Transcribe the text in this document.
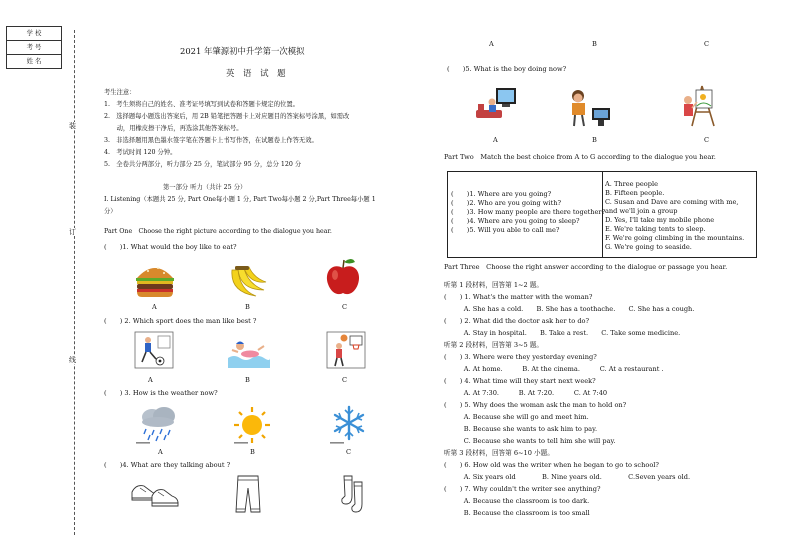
学 校
考 号
姓 名
装
订
线
2021 年肇源初中升学第一次模拟
英 语 试 题
考生注意：
1.　考生须将自己的姓名、准考证号填写到试卷和答题卡规定的位置。
2.　选择题每小题选出答案后，用 2B 铅笔把答题卡上对应题目的答案标号涂黑，如需改
　　动，用橡皮擦干净后，再选涂其他答案标号。
3.　非选择题用黑色墨水签字笔在答题卡上书写作答，在试题卷上作答无效。
4.　考试时间 120 分钟。
5.　全卷共分两部分，听力部分 25 分，笔试部分 95 分，总分 120 分
第一部分 听力（共计 25 分）
I. Listening（本题共 25 分, Part One每小题 1 分, Part Two每小题 2 分,Part Three每小题 1
分）
Part One　Choose the right picture according to the dialogue you hear.
(　　)1. What would the boy like to eat?
A	B	C
(　　) 2. Which sport does the man like best ?
A	B	C
(　　) 3. How is the weather now?
A	B	C
(　　)4. What are they talking about ?
A	B	C
(　　)5. What is the boy doing now?
A	B	C
Part Two　Match the best choice from A to G according to the dialogue you hear.
(　　)1. Where are you going?
(　　)2. Who are you going with?
(　　)3. How many people are there together?
(　　)4. Where are you going to sleep?
(　　)5. Will you able to call me?
A. Three people
B. Fifteen people.
C. Susan and Dave are coming with me,
and we'll join a group
D. Yes, I'll take my mobile phone
E. We're taking tents to sleep.
F. We're going climbing in the mountains.
G. We're going to seaside.
Part Three　Choose the right answer according to the dialogue or passage you hear.
听第 1 段材料，回答第 1~2 题。
(　　) 1. What's the matter with the woman?
　　　A. She has a cold.　　B. She has a toothache.　　C. She has a cough.
(　　) 2. What did the doctor ask her to do?
　　　A. Stay in hospital.　　B. Take a rest.　　C. Take some medicine.
听第 2 段材料，回答第 3~5 题。
(　　) 3. Where were they yesterday evening?
　　　A. At home.　　　B. At the cinema.　　　C. At a restaurant .
(　　) 4. What time will they start next week?
　　　A. At 7:30.　　　B. At 7:20.　　　C. At 7:40
(　　) 5. Why does the woman ask the man to hold on?
　　　A. Because she will go and meet him.
　　　B. Because she wants to ask him to pay.
　　　C. Because she wants to tell him she will pay.
听第 3 段材料，回答第 6~10 小题。
(　　) 6. How old was the writer when he began to go to school?
　　　A. Six years old　　　　B. Nine years old.　　　　C.Seven years old.
(　　) 7. Why couldn't the writer see anything?
　　　A. Because the classroom is too dark.
　　　B. Because the classroom is too small
